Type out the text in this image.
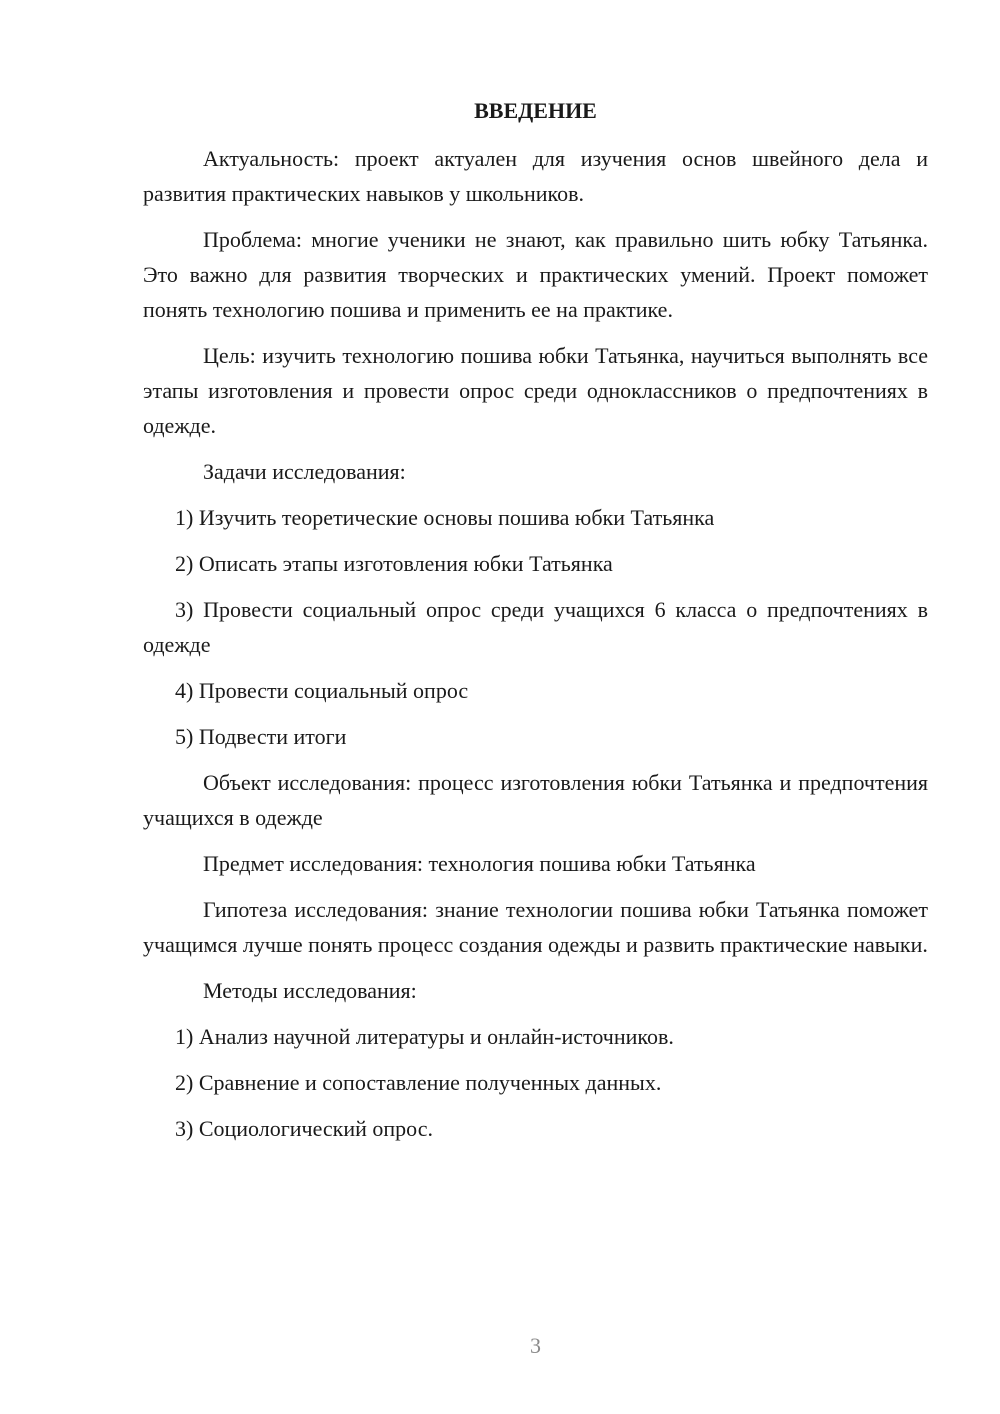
ВВЕДЕНИЕ

Актуальность: проект актуален для изучения основ швейного дела и развития практических навыков у школьников.

Проблема: многие ученики не знают, как правильно шить юбку Татьянка. Это важно для развития творческих и практических умений. Проект поможет понять технологию пошива и применить ее на практике.

Цель: изучить технологию пошива юбки Татьянка, научиться выполнять все этапы изготовления и провести опрос среди одноклассников о предпочтениях в одежде.

Задачи исследования:

1) Изучить теоретические основы пошива юбки Татьянка

2) Описать этапы изготовления юбки Татьянка

3) Провести социальный опрос среди учащихся 6 класса о предпочтениях в одежде

4) Провести социальный опрос

5) Подвести итоги

Объект исследования: процесс изготовления юбки Татьянка и предпочтения учащихся в одежде

Предмет исследования: технология пошива юбки Татьянка

Гипотеза исследования: знание технологии пошива юбки Татьянка поможет учащимся лучше понять процесс создания одежды и развить практические навыки.

Методы исследования:

1) Анализ научной литературы и онлайн-источников.

2) Сравнение и сопоставление полученных данных.

3) Социологический опрос.

3
